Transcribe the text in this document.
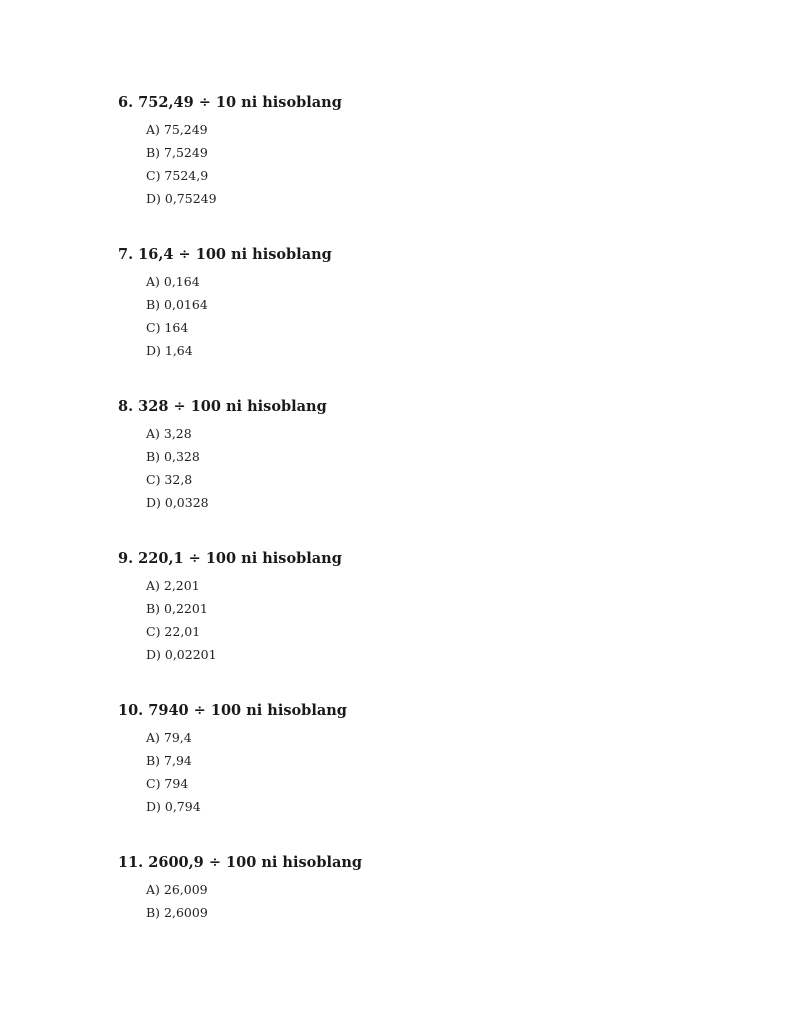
6. 752,49 ÷ 10 ni hisoblang
A) 75,249
B) 7,5249
C) 7524,9
D) 0,75249
7. 16,4 ÷ 100 ni hisoblang
A) 0,164
B) 0,0164
C) 164
D) 1,64
8. 328 ÷ 100 ni hisoblang
A) 3,28
B) 0,328
C) 32,8
D) 0,0328
9. 220,1 ÷ 100 ni hisoblang
A) 2,201
B) 0,2201
C) 22,01
D) 0,02201
10. 7940 ÷ 100 ni hisoblang
A) 79,4
B) 7,94
C) 794
D) 0,794
11. 2600,9 ÷ 100 ni hisoblang
A) 26,009
B) 2,6009
